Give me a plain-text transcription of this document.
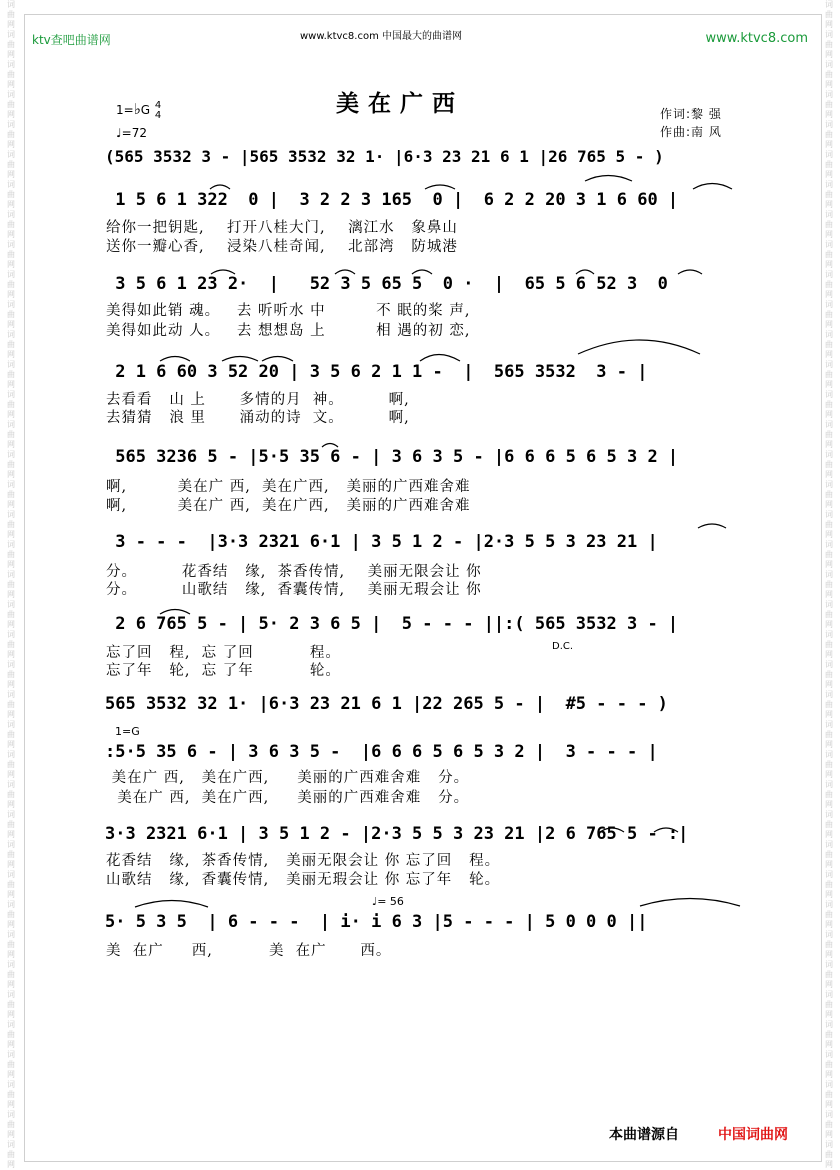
词
曲
网
词
曲
网
词
曲
网
词
曲
网
词
曲
网
词
曲
网
词
曲
网
词
曲
网
词
曲
网
词
曲
网
词
曲
网
词
曲
网
词
曲
网
词
曲
网
词
曲
网
词
曲
网
词
曲
网
词
曲
网
词
曲
网
词
曲
网
词
曲
网
词
曲
网
词
曲
网
词
曲
网
词
曲
网
词
曲
网
词
曲
网
词
曲
网
词
曲
网
词
曲
网
词
曲
网
词
曲
网
词
曲
网
词
曲
网
词
曲
网
词
曲
网
词
曲
网
词
曲
网
词
曲
网
词
曲
网
词
曲
网
词
曲
网
词
曲
网
词
曲
网
词
曲
网
词
曲
网
词
曲
网
词
曲
网
词
曲
网
词
曲
网
词
曲
网
词
曲
网
词
曲
网
词
曲
网
词
曲
网
词
曲
网
词
曲
网
词
曲
网
词
曲
网
词
曲
网
词
曲
网
词
曲
网
词
曲
网
词
曲
网
词
曲
网
词
曲
网
词
曲
网
词
曲
网
词
曲
网
词
曲
网
词
曲
网
词
曲
网
词
曲
网
词
曲
网
词
曲
网
词
曲
网
词
曲
网
词
曲
网
ktv查吧曲谱网	www.ktvc8.com 中国最大的曲谱网	www.ktvc8.com
美在广西
1=♭G 4
4
♩=72
作词:黎 强
作曲:南 风
(565 3532 3 - |565 3532 32 1· |6·3 23 21 6 1 |26 765 5 - )
1 5 6 1 322  0 |  3 2 2 3 165  0 |  6 2 2 20 3 1 6 60 |
3 5 6 1 23 2·  |   52 3 5 65 5  0 ·  |  65 5 6 52 3  0
2 1 6 60 3 52 20 | 3 5 6 2 1 1 -  |  565 3532  3 - |
565 3236 5 - |5·5 35 6 - | 3 6 3 5 - |6 6 6 5 6 5 3 2 |
3 - - -  |3·3 2321 6·1 | 3 5 1 2 - |2·3 5 5 3 23 21 |
2 6 765 5 - | 5· 2 3 6 5 |  5 - - - ||:( 565 3532 3 - |
565 3532 32 1· |6·3 23 21 6 1 |22 265 5 - |  #5 - - - )
:5·5 35 6 - | 3 6 3 5 -  |6 6 6 5 6 5 3 2 |  3 - - - |
3·3 2321 6·1 | 3 5 1 2 - |2·3 5 5 3 23 21 |2 6 765 5 - :|
5· 5 3 5  | 6 - - -  | i· i 6 3 |5 - - - | 5 0 0 0 ||
给你一把钥匙,    打开八桂大门,    漓江水   象鼻山
送你一瓣心香,    浸染八桂奇闻,    北部湾   防城港
美得如此销 魂。   去 听听水 中         不 眠的桨 声,
美得如此动 人。   去 想想岛 上         相 遇的初 恋,
去看看   山 上      多情的月  神。        啊,
去猜猜   浪 里      涌动的诗  文。        啊,
啊,         美在广 西,  美在广西,   美丽的广西难舍难
啊,         美在广 西,  美在广西,   美丽的广西难舍难
分。        花香结   缘,  茶香传情,    美丽无限会让 你
分。        山歌结   缘,  香囊传情,    美丽无瑕会让 你
忘了回   程,  忘 了回          程。
忘了年   轮,  忘 了年          轮。
美在广 西,   美在广西,     美丽的广西难舍难   分。
美在广 西,  美在广西,     美丽的广西难舍难   分。
花香结   缘,  茶香传情,   美丽无限会让 你 忘了回   程。
山歌结   缘,  香囊传情,   美丽无瑕会让 你 忘了年   轮。
美  在广     西,          美  在广      西。
D.C.
1=G
♩= 56
本曲谱源自	中国词曲网
